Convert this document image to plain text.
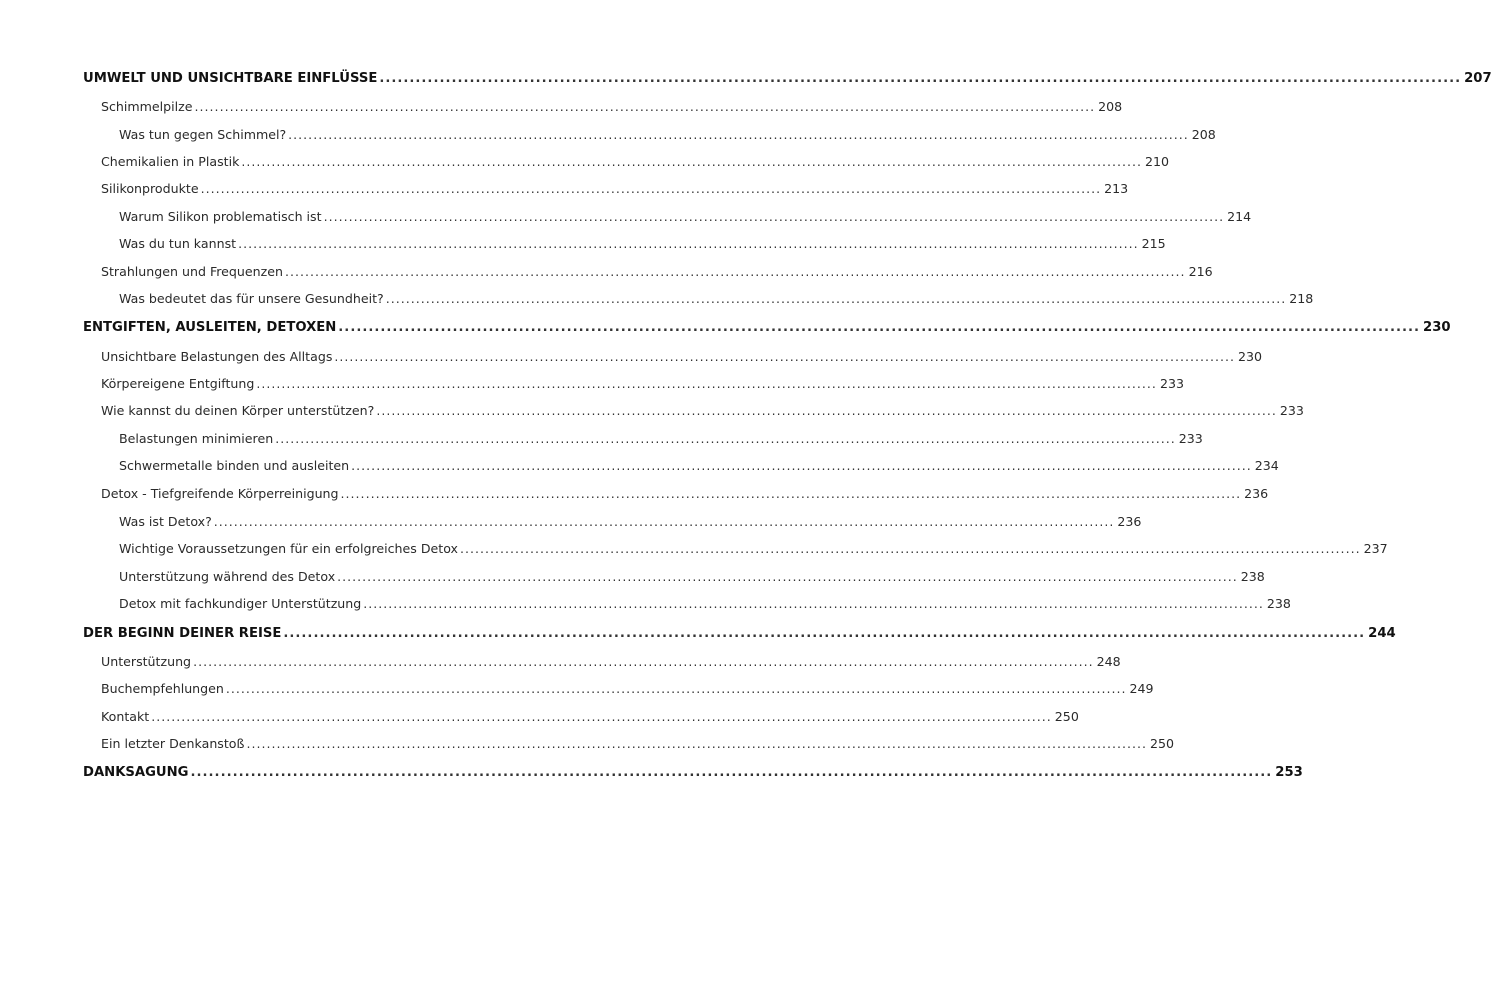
UMWELT UND UNSICHTBARE EINFLÜSSE .................................................................................................................................................................................... 207
Schimmelpilze .................................................................................................................................................................................... 208
Was tun gegen Schimmel? .................................................................................................................................................................................... 208
Chemikalien in Plastik .................................................................................................................................................................................... 210
Silikonprodukte .................................................................................................................................................................................... 213
Warum Silikon problematisch ist .................................................................................................................................................................................... 214
Was du tun kannst .................................................................................................................................................................................... 215
Strahlungen und Frequenzen .................................................................................................................................................................................... 216
Was bedeutet das für unsere Gesundheit? .................................................................................................................................................................................... 218
ENTGIFTEN, AUSLEITEN, DETOXEN .................................................................................................................................................................................... 230
Unsichtbare Belastungen des Alltags .................................................................................................................................................................................... 230
Körpereigene Entgiftung .................................................................................................................................................................................... 233
Wie kannst du deinen Körper unterstützen? .................................................................................................................................................................................... 233
Belastungen minimieren .................................................................................................................................................................................... 233
Schwermetalle binden und ausleiten .................................................................................................................................................................................... 234
Detox - Tiefgreifende Körperreinigung .................................................................................................................................................................................... 236
Was ist Detox? .................................................................................................................................................................................... 236
Wichtige Voraussetzungen für ein erfolgreiches Detox .................................................................................................................................................................................... 237
Unterstützung während des Detox .................................................................................................................................................................................... 238
Detox mit fachkundiger Unterstützung .................................................................................................................................................................................... 238
DER BEGINN DEINER REISE .................................................................................................................................................................................... 244
Unterstützung .................................................................................................................................................................................... 248
Buchempfehlungen .................................................................................................................................................................................... 249
Kontakt .................................................................................................................................................................................... 250
Ein letzter Denkanstoß .................................................................................................................................................................................... 250
DANKSAGUNG .................................................................................................................................................................................... 253
